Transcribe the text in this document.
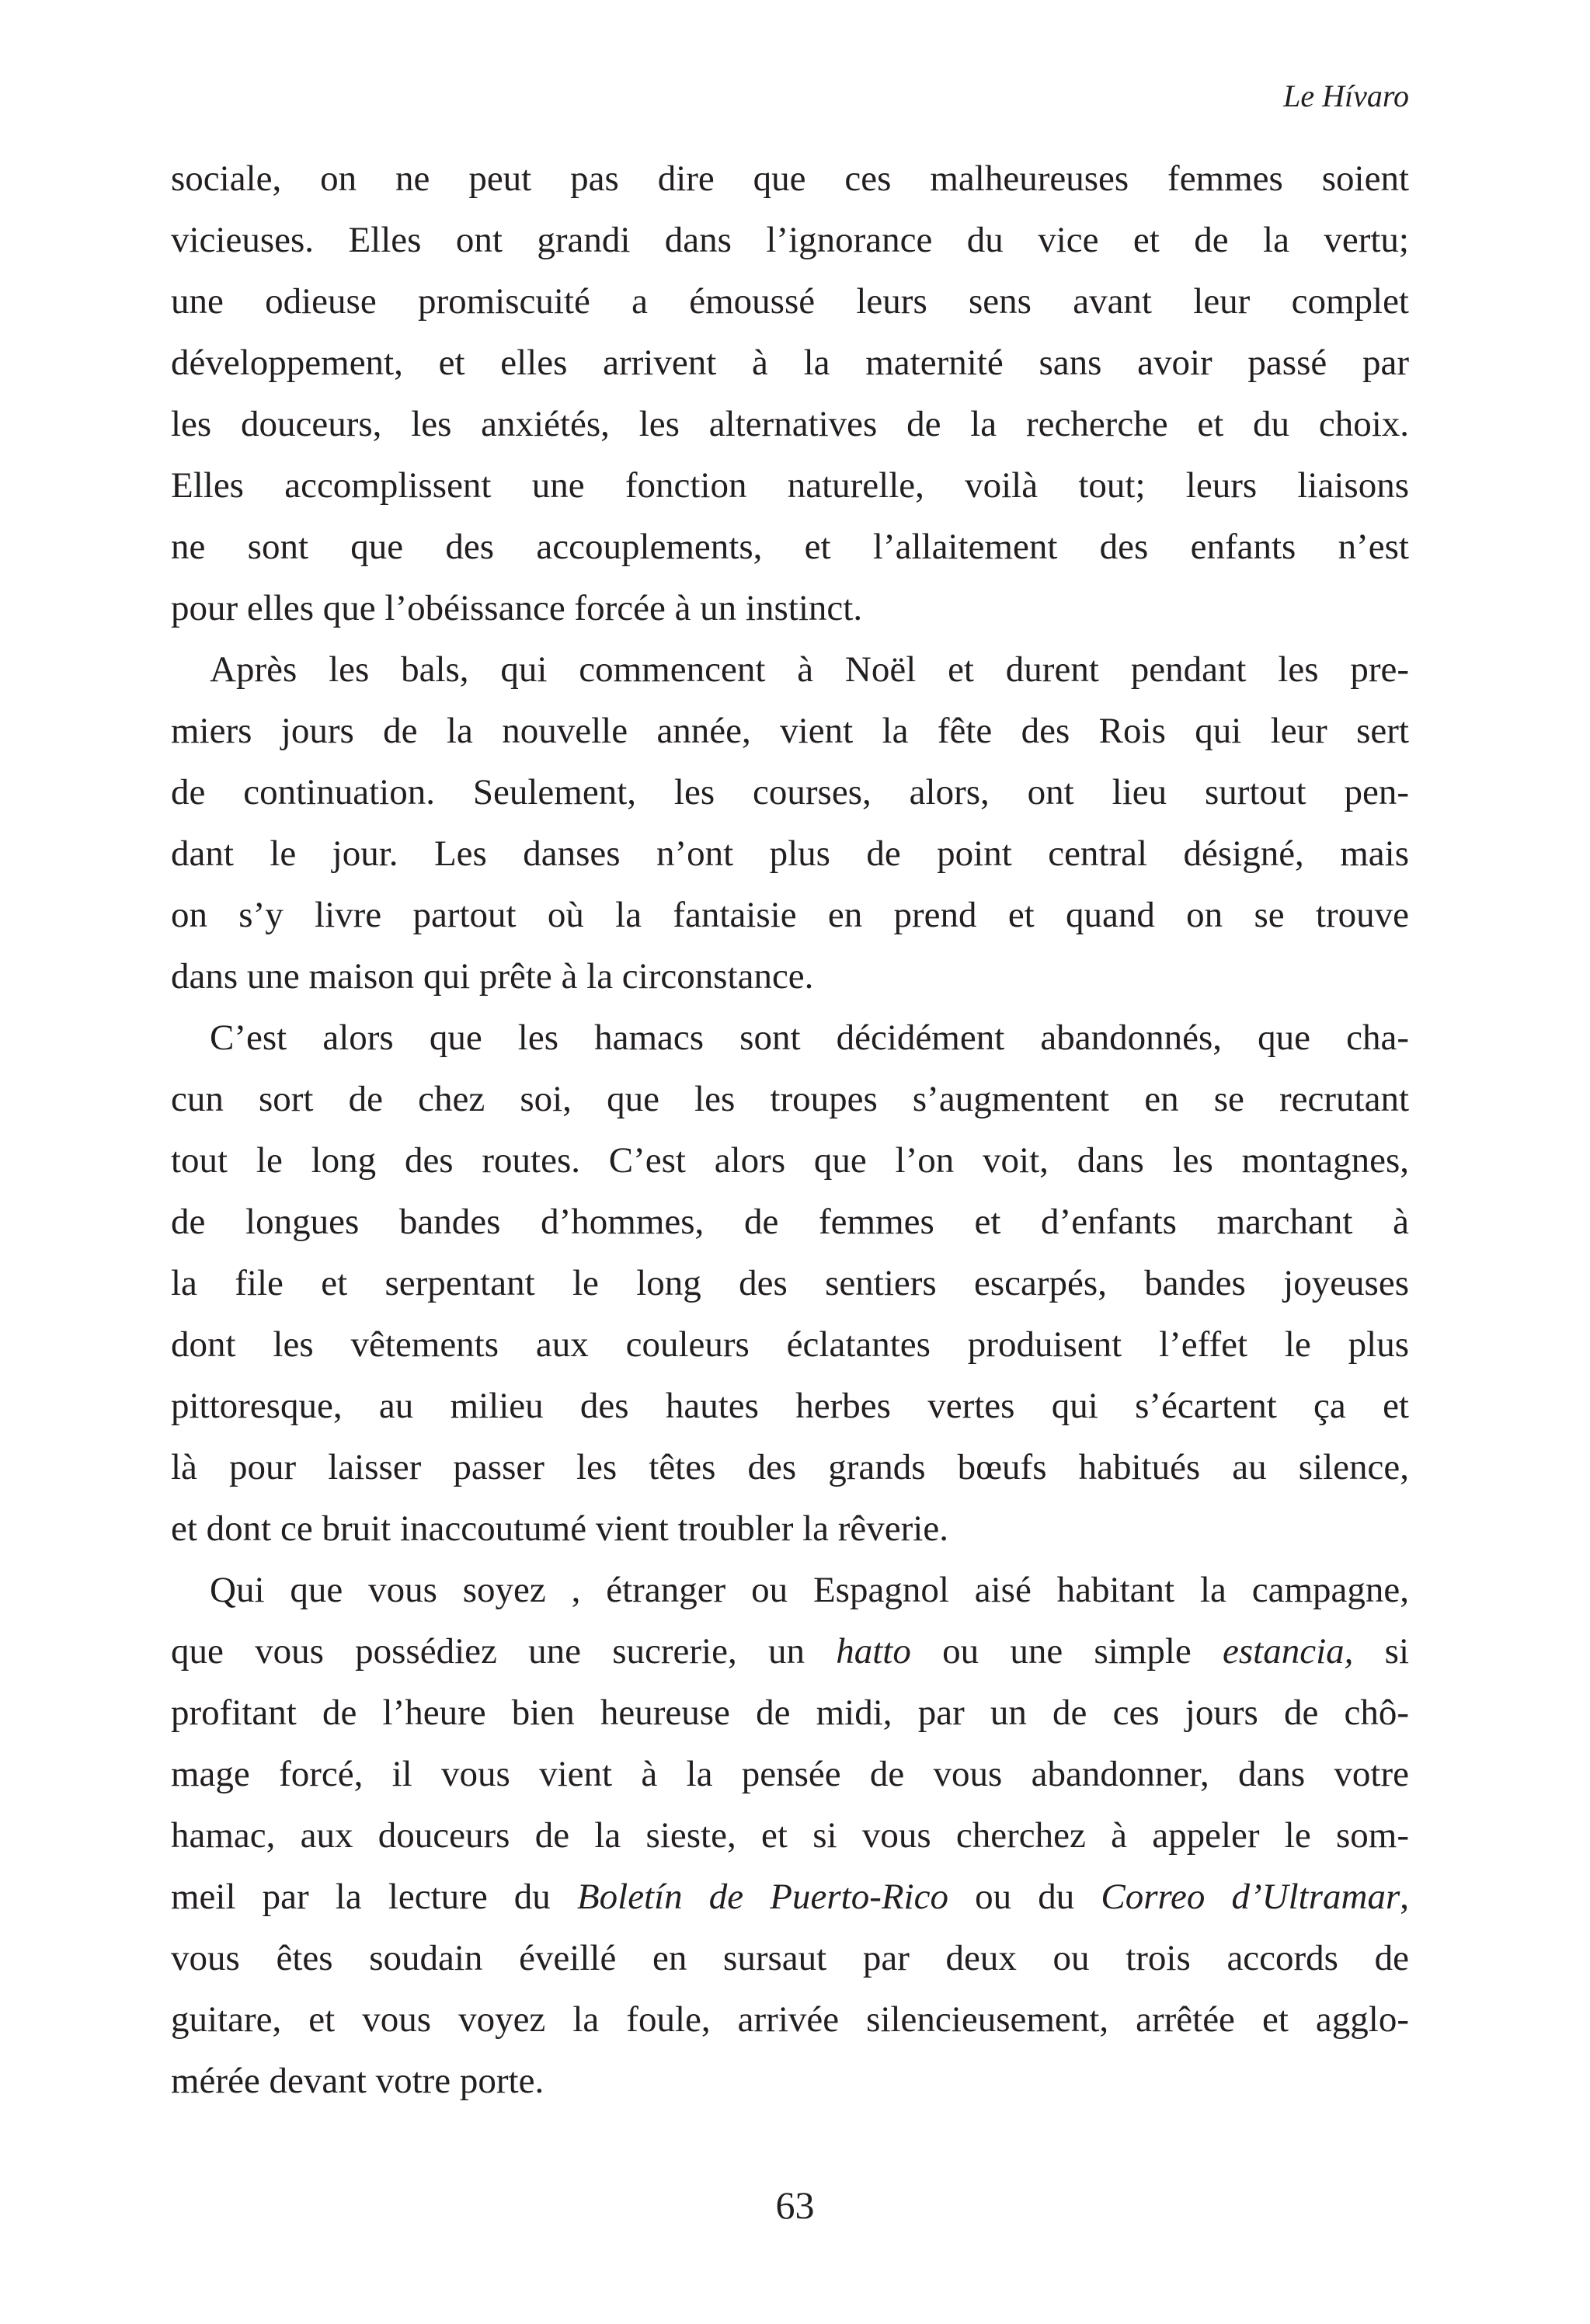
Le Hívaro
sociale, on ne peut pas dire que ces malheureuses femmes soient
vicieuses. Elles ont grandi dans l’ignorance du vice et de la vertu;
une odieuse promiscuité a émoussé leurs sens avant leur complet
développement, et elles arrivent à la maternité sans avoir passé par
les douceurs, les anxiétés, les alternatives de la recherche et du choix.
Elles accomplissent une fonction naturelle, voilà tout; leurs liaisons
ne sont que des accouplements, et l’allaitement des enfants n’est
pour elles que l’obéissance forcée à un instinct.
Après les bals, qui commencent à Noël et durent pendant les pre-
miers jours de la nouvelle année, vient la fête des Rois qui leur sert
de continuation. Seulement, les courses, alors, ont lieu surtout pen-
dant le jour. Les danses n’ont plus de point central désigné, mais
on s’y livre partout où la fantaisie en prend et quand on se trouve
dans une maison qui prête à la circonstance.
C’est alors que les hamacs sont décidément abandonnés, que cha-
cun sort de chez soi, que les troupes s’augmentent en se recrutant
tout le long des routes. C’est alors que l’on voit, dans les montagnes,
de longues bandes d’hommes, de femmes et d’enfants marchant à
la file et serpentant le long des sentiers escarpés, bandes joyeuses
dont les vêtements aux couleurs éclatantes produisent l’effet le plus
pittoresque, au milieu des hautes herbes vertes qui s’écartent ça et
là pour laisser passer les têtes des grands bœufs habitués au silence,
et dont ce bruit inaccoutumé vient troubler la rêverie.
Qui que vous soyez , étranger ou Espagnol aisé habitant la campagne,
que vous possédiez une sucrerie, un hatto ou une simple estancia, si
profitant de l’heure bien heureuse de midi, par un de ces jours de chô-
mage forcé, il vous vient à la pensée de vous abandonner, dans votre
hamac, aux douceurs de la sieste, et si vous cherchez à appeler le som-
meil par la lecture du Boletín de Puerto-Rico ou du Correo d’Ultramar,
vous êtes soudain éveillé en sursaut par deux ou trois accords de
guitare, et vous voyez la foule, arrivée silencieusement, arrêtée et agglo-
mérée devant votre porte.
63
